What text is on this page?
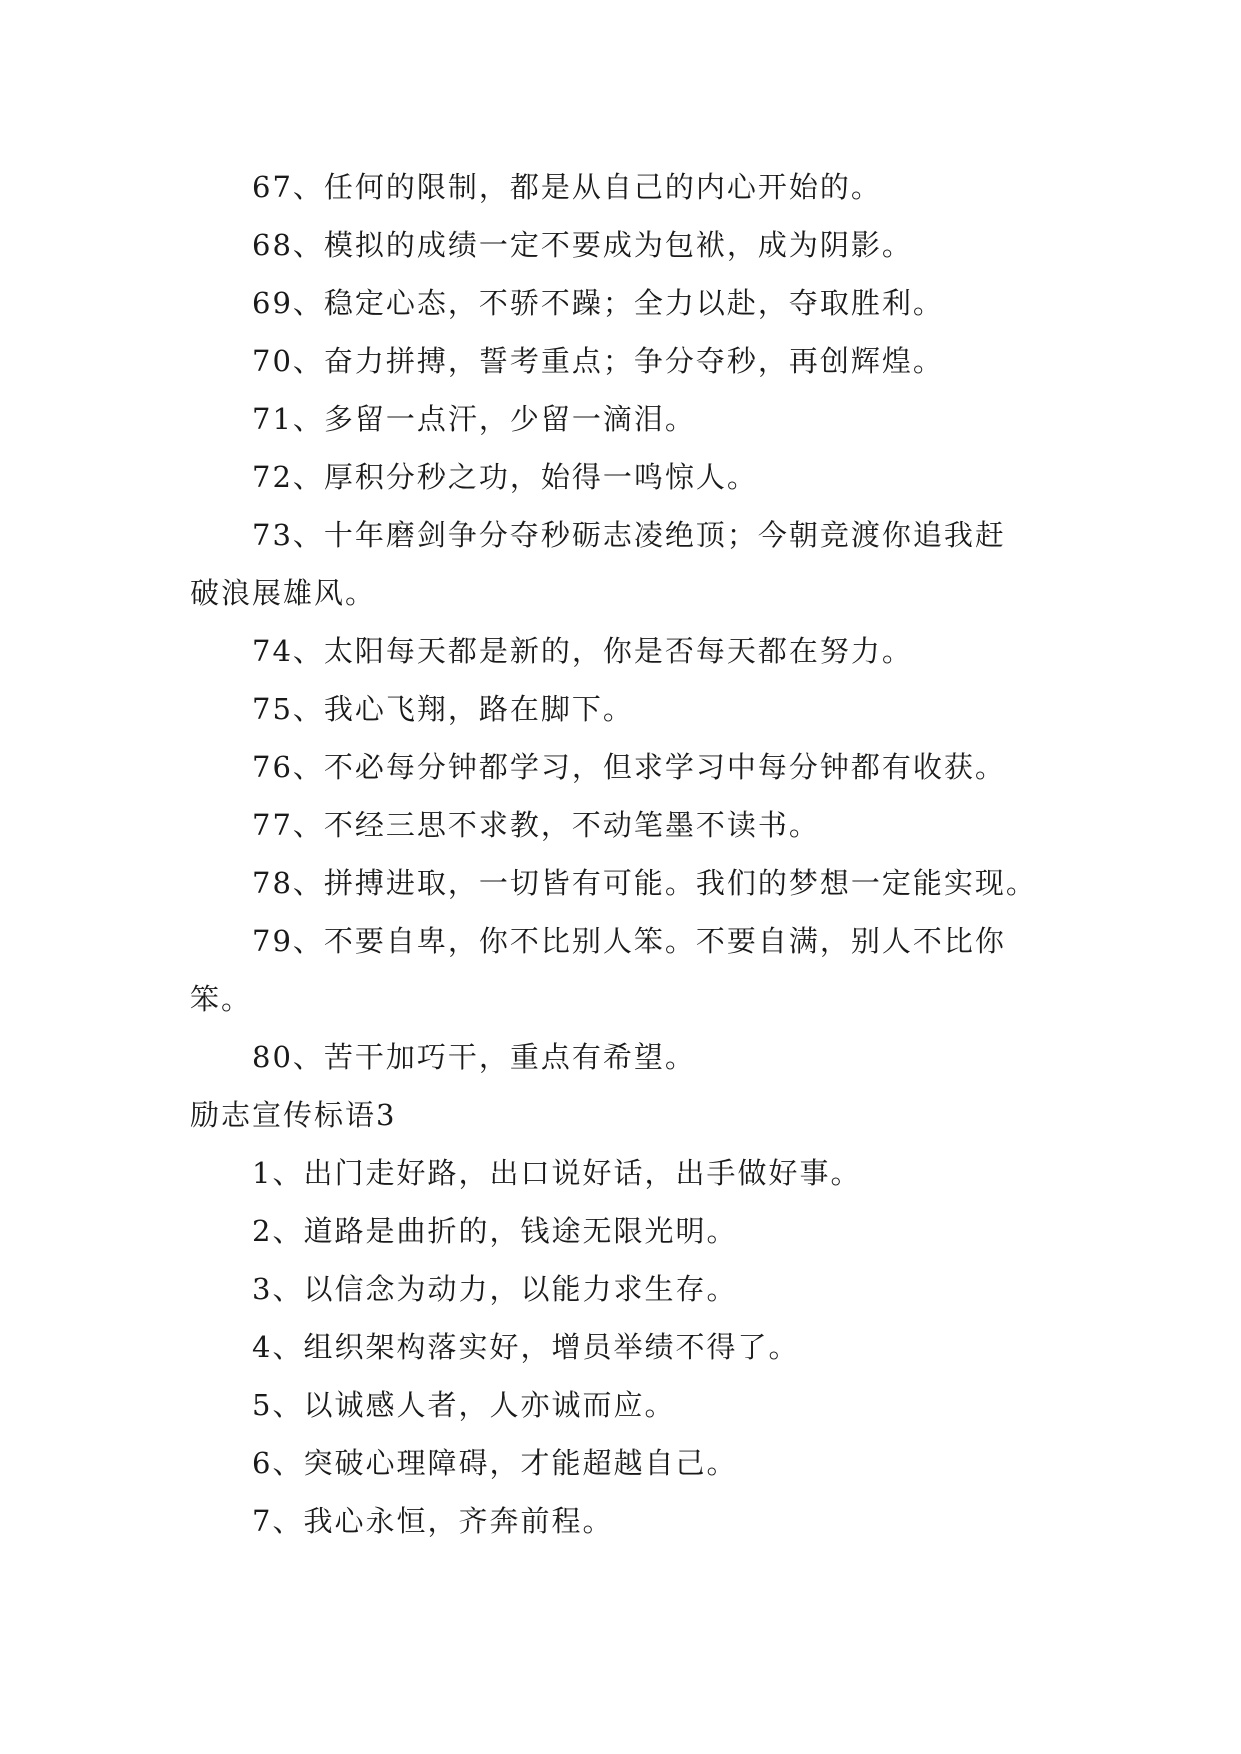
67、任何的限制，都是从自己的内心开始的。
68、模拟的成绩一定不要成为包袱，成为阴影。
69、稳定心态，不骄不躁；全力以赴，夺取胜利。
70、奋力拼搏，誓考重点；争分夺秒，再创辉煌。
71、多留一点汗，少留一滴泪。
72、厚积分秒之功，始得一鸣惊人。
73、十年磨剑争分夺秒砺志凌绝顶；今朝竞渡你追我赶
破浪展雄风。
74、太阳每天都是新的，你是否每天都在努力。
75、我心飞翔，路在脚下。
76、不必每分钟都学习，但求学习中每分钟都有收获。
77、不经三思不求教，不动笔墨不读书。
78、拼搏进取，一切皆有可能。我们的梦想一定能实现。
79、不要自卑，你不比别人笨。不要自满，别人不比你
笨。
80、苦干加巧干，重点有希望。
励志宣传标语3
1、出门走好路，出口说好话，出手做好事。
2、道路是曲折的，钱途无限光明。
3、以信念为动力，以能力求生存。
4、组织架构落实好，增员举绩不得了。
5、以诚感人者，人亦诚而应。
6、突破心理障碍，才能超越自己。
7、我心永恒，齐奔前程。
